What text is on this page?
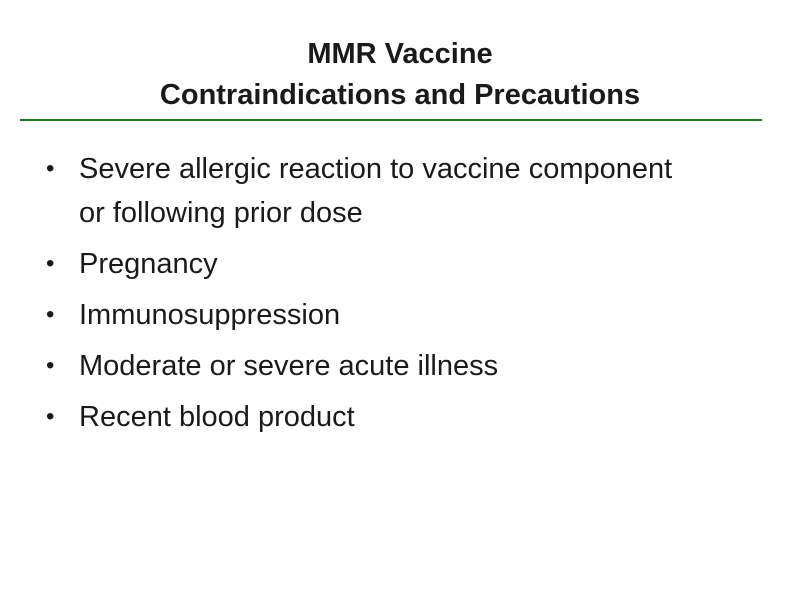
MMR Vaccine
Contraindications and Precautions
• Severe allergic reaction to vaccine component or following prior dose
• Pregnancy
• Immunosuppression
• Moderate or severe acute illness
• Recent blood product
